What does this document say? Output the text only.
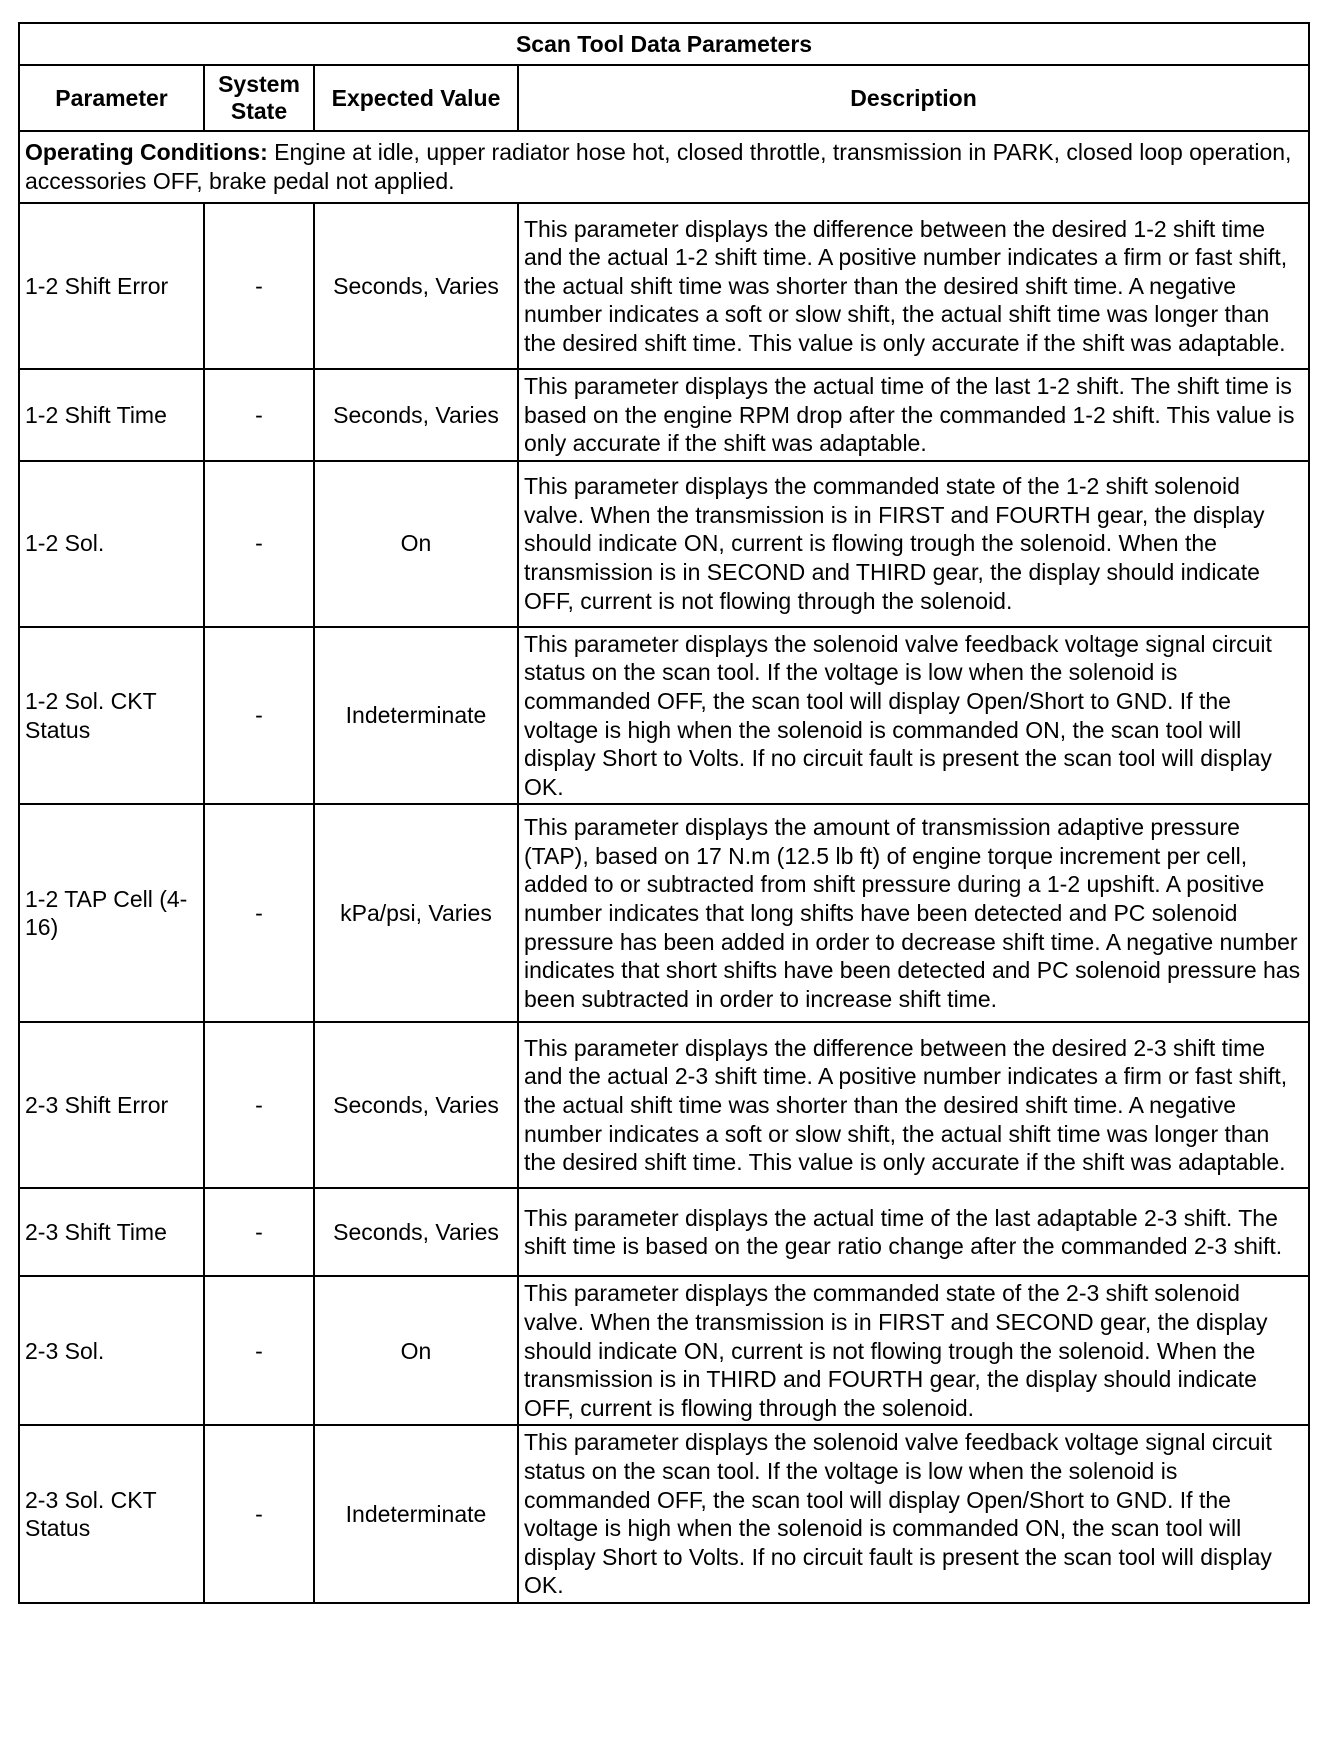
Scan Tool Data Parameters			
Parameter	System State	Expected Value	Description
Operating Conditions: Engine at idle, upper radiator hose hot, closed throttle, transmission in PARK, closed loop operation, accessories OFF, brake pedal not applied.			
1-2 Shift Error	-	Seconds, Varies	This parameter displays the difference between the desired 1-2 shift time and the actual 1-2 shift time. A positive number indicates a firm or fast shift, the actual shift time was shorter than the desired shift time. A negative number indicates a soft or slow shift, the actual shift time was longer than the desired shift time. This value is only accurate if the shift was adaptable.
1-2 Shift Time	-	Seconds, Varies	This parameter displays the actual time of the last 1-2 shift. The shift time is based on the engine RPM drop after the commanded 1-2 shift. This value is only accurate if the shift was adaptable.
1-2 Sol.	-	On	This parameter displays the commanded state of the 1-2 shift solenoid valve. When the transmission is in FIRST and FOURTH gear, the display should indicate ON, current is flowing trough the solenoid. When the transmission is in SECOND and THIRD gear, the display should indicate OFF, current is not flowing through the solenoid.
1-2 Sol. CKT Status	-	Indeterminate	This parameter displays the solenoid valve feedback voltage signal circuit status on the scan tool. If the voltage is low when the solenoid is commanded OFF, the scan tool will display Open/Short to GND. If the voltage is high when the solenoid is commanded ON, the scan tool will display Short to Volts. If no circuit fault is present the scan tool will display OK.
1-2 TAP Cell (4-16)	-	kPa/psi, Varies	This parameter displays the amount of transmission adaptive pressure (TAP), based on 17 N.m (12.5 lb ft) of engine torque increment per cell, added to or subtracted from shift pressure during a 1-2 upshift. A positive number indicates that long shifts have been detected and PC solenoid pressure has been added in order to decrease shift time. A negative number indicates that short shifts have been detected and PC solenoid pressure has been subtracted in order to increase shift time.
2-3 Shift Error	-	Seconds, Varies	This parameter displays the difference between the desired 2-3 shift time and the actual 2-3 shift time. A positive number indicates a firm or fast shift, the actual shift time was shorter than the desired shift time. A negative number indicates a soft or slow shift, the actual shift time was longer than the desired shift time. This value is only accurate if the shift was adaptable.
2-3 Shift Time	-	Seconds, Varies	This parameter displays the actual time of the last adaptable 2-3 shift. The shift time is based on the gear ratio change after the commanded 2-3 shift.
2-3 Sol.	-	On	This parameter displays the commanded state of the 2-3 shift solenoid valve. When the transmission is in FIRST and SECOND gear, the display should indicate ON, current is not flowing trough the solenoid. When the transmission is in THIRD and FOURTH gear, the display should indicate OFF, current is flowing through the solenoid.
2-3 Sol. CKT Status	-	Indeterminate	This parameter displays the solenoid valve feedback voltage signal circuit status on the scan tool. If the voltage is low when the solenoid is commanded OFF, the scan tool will display Open/Short to GND. If the voltage is high when the solenoid is commanded ON, the scan tool will display Short to Volts. If no circuit fault is present the scan tool will display OK.
